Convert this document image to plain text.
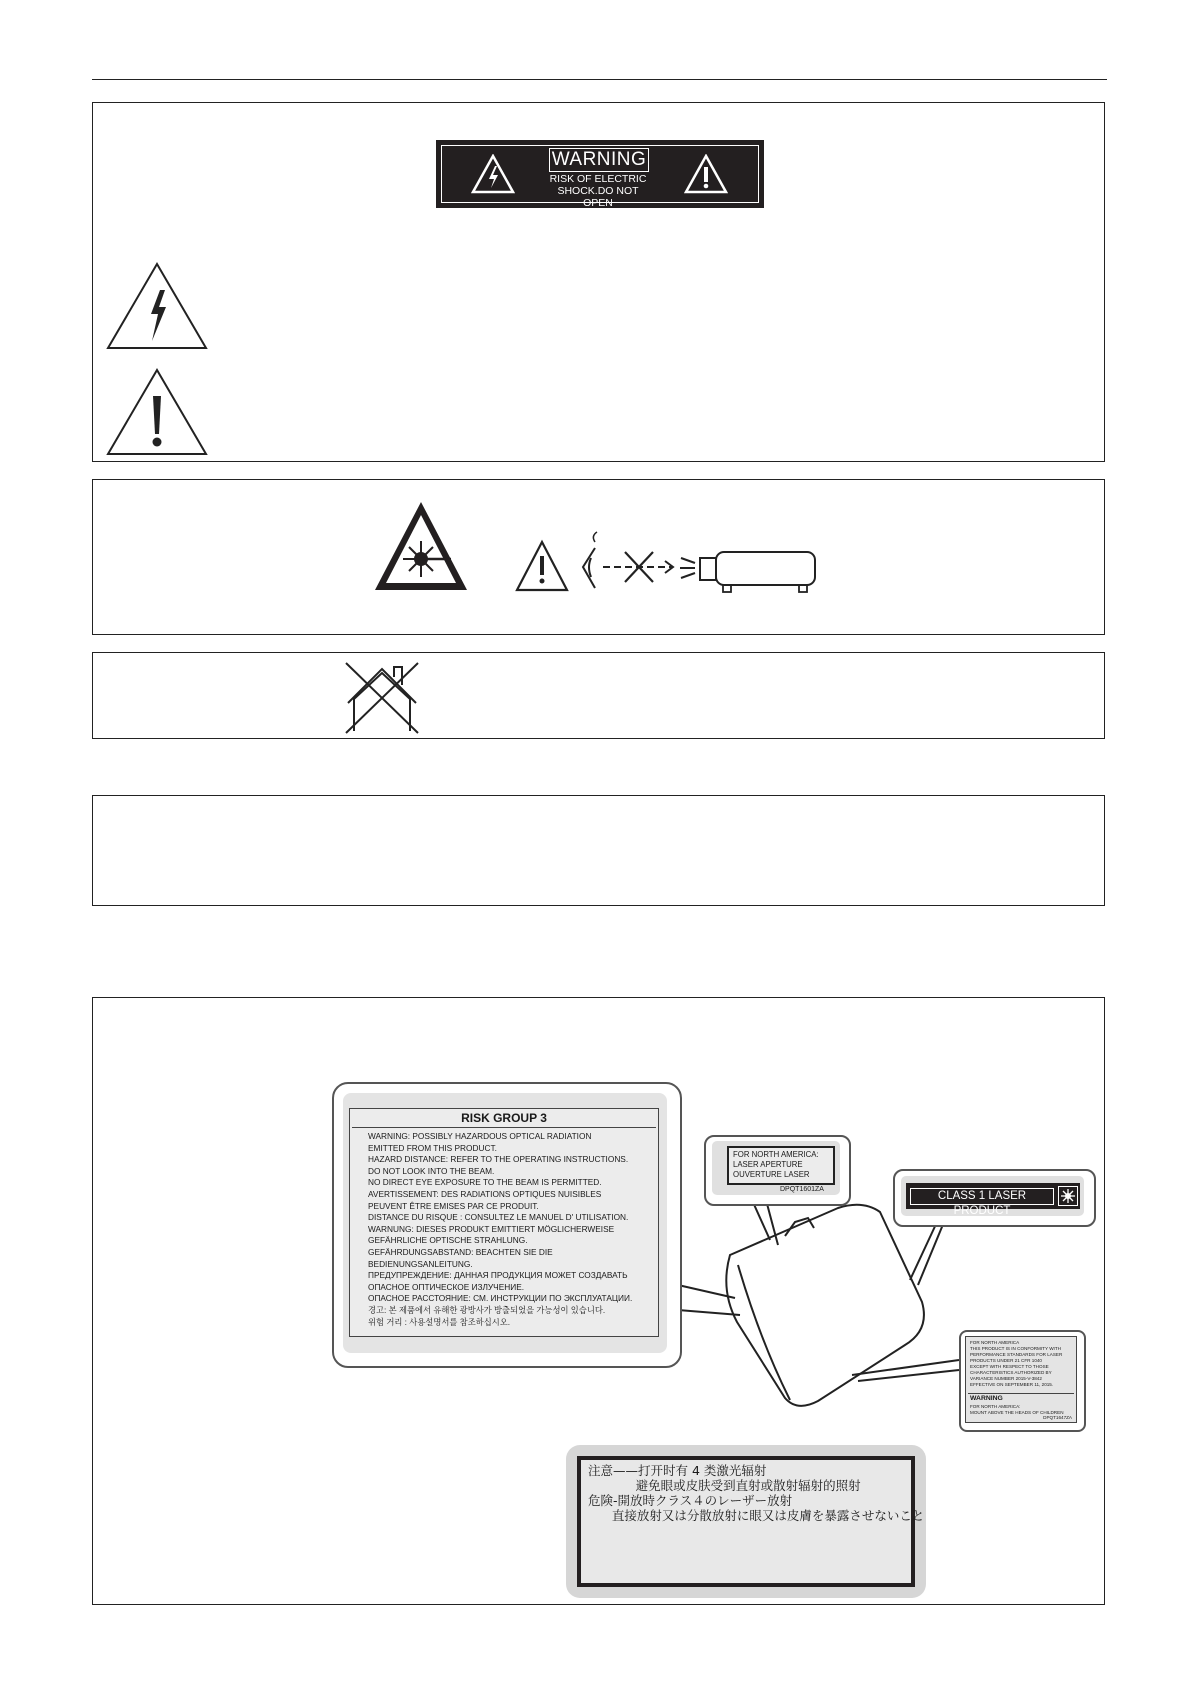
WARNING
RISK OF ELECTRIC
SHOCK.DO NOT OPEN
RISK GROUP 3
WARNING: POSSIBLY HAZARDOUS OPTICAL RADIATION
EMITTED FROM THIS PRODUCT.
HAZARD DISTANCE: REFER TO THE OPERATING INSTRUCTIONS.
DO NOT LOOK INTO THE BEAM.
NO DIRECT EYE EXPOSURE TO THE BEAM IS PERMITTED.
AVERTISSEMENT: DES RADIATIONS OPTIQUES NUISIBLES
PEUVENT ÊTRE EMISES PAR CE PRODUIT.
DISTANCE DU RISQUE : CONSULTEZ LE MANUEL D' UTILISATION.
WARNUNG: DIESES PRODUKT EMITTIERT MÖGLICHERWEISE
GEFÄHRLICHE OPTISCHE STRAHLUNG.
GEFÄHRDUNGSABSTAND: BEACHTEN SIE DIE
BEDIENUNGSANLEITUNG.
ПРЕДУПРЕЖДЕНИЕ: ДАННАЯ ПРОДУКЦИЯ МОЖЕТ СОЗДАВАТЬ
ОПАСНОЕ ОПТИЧЕСКОЕ ИЗЛУЧЕНИЕ.
ОПАСНОЕ РАССТОЯНИЕ: СМ. ИНСТРУКЦИИ ПО ЭКСПЛУАТАЦИИ.
경고: 본 제품에서 유해한 광방사가 방출되었을 가능성이 있습니다.
위험 거리 : 사용설명서를 참조하십시오.
FOR NORTH AMERICA:
LASER APERTURE
OUVERTURE LASER
DPQT1601ZA
CLASS 1 LASER PRODUCT
FOR NORTH AMERICA
THIS PRODUCT IS IN CONFORMITY WITH
PERFORMANCE STANDARDS FOR LASER
PRODUCTS UNDER 21 CFR 1040
EXCEPT WITH RESPECT TO THOSE
CHARACTERISTICS AUTHORIZED BY
VARIANCE NUMBER 2015-V-3842
EFFECTIVE ON SEPTEMBER 11, 2015.
WARNING
FOR NORTH AMERICA:
MOUNT ABOVE THE HEADS OF CHILDREN
DPQT1647ZA
注意——打开时有 4 类激光辐射
避免眼或皮肤受到直射或散射辐射的照射
危険-開放時クラス４のレーザー放射
直接放射又は分散放射に眼又は皮膚を暴露させないこと
